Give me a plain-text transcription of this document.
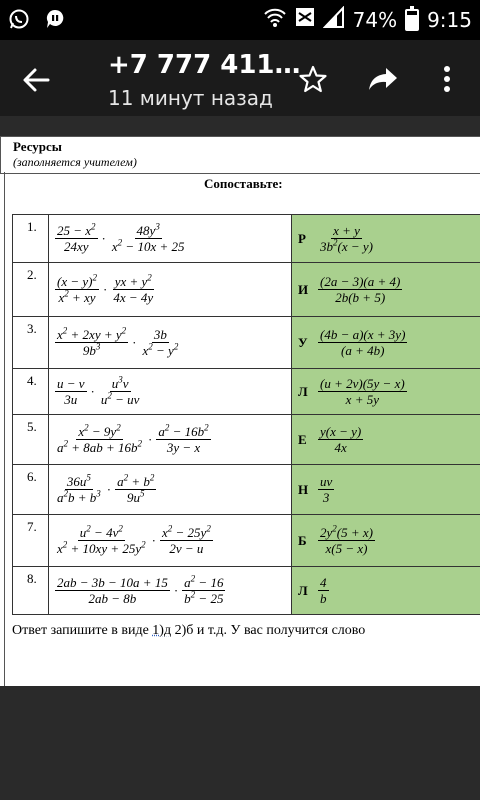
74% 9:15
+7 777 411…
11 минут назад
Ресурсы
(заполняется учителем)
Сопоставьте:
1.	$\frac{25 - x^2}{24xy} \cdot \frac{48y^3}{x^2 - 10x + 25}$	Р $\frac{x + y}{3b^2(x - y)}$

2.	$\frac{(x - y)^2}{x^2 + xy} \cdot \frac{yx + y^2}{4x - 4y}$	И $\frac{(2a - 3)(a + 4)}{2b(b + 5)}$

3.	$\frac{x^2 + 2xy + y^2}{9b^3} \cdot \frac{3b}{x^2 - y^2}$	У $\frac{(4b - a)(x + 3y)}{(a + 4b)}$

4.	$\frac{u - v}{3u} \cdot \frac{u^3v}{u^2 - uv}$	Л $\frac{(u + 2v)(5y - x)}{x + 5y}$

5.	$\frac{x^2 - 9y^2}{a^2 + 8ab + 16b^2} \cdot \frac{a^2 - 16b^2}{3y - x}$	Е $\frac{y(x - y)}{4x}$

6.	$\frac{36u^5}{a^2b + b^3} \cdot \frac{a^2 + b^2}{9u^5}$	Н $\frac{uv}{3}$

7.	$\frac{u^2 - 4v^2}{x^2 + 10xy + 25y^2} \cdot \frac{x^2 - 25y^2}{2v - u}$	Б $\frac{2y^2(5 + x)}{x(5 - x)}$

8.	$\frac{2ab - 3b - 10a + 15}{2ab - 8b} \cdot \frac{a^2 - 16}{b^2 - 25}$	Л $\frac{4}{b}$
Ответ запишите в виде 1)д 2)б и т.д. У вас получится слово
